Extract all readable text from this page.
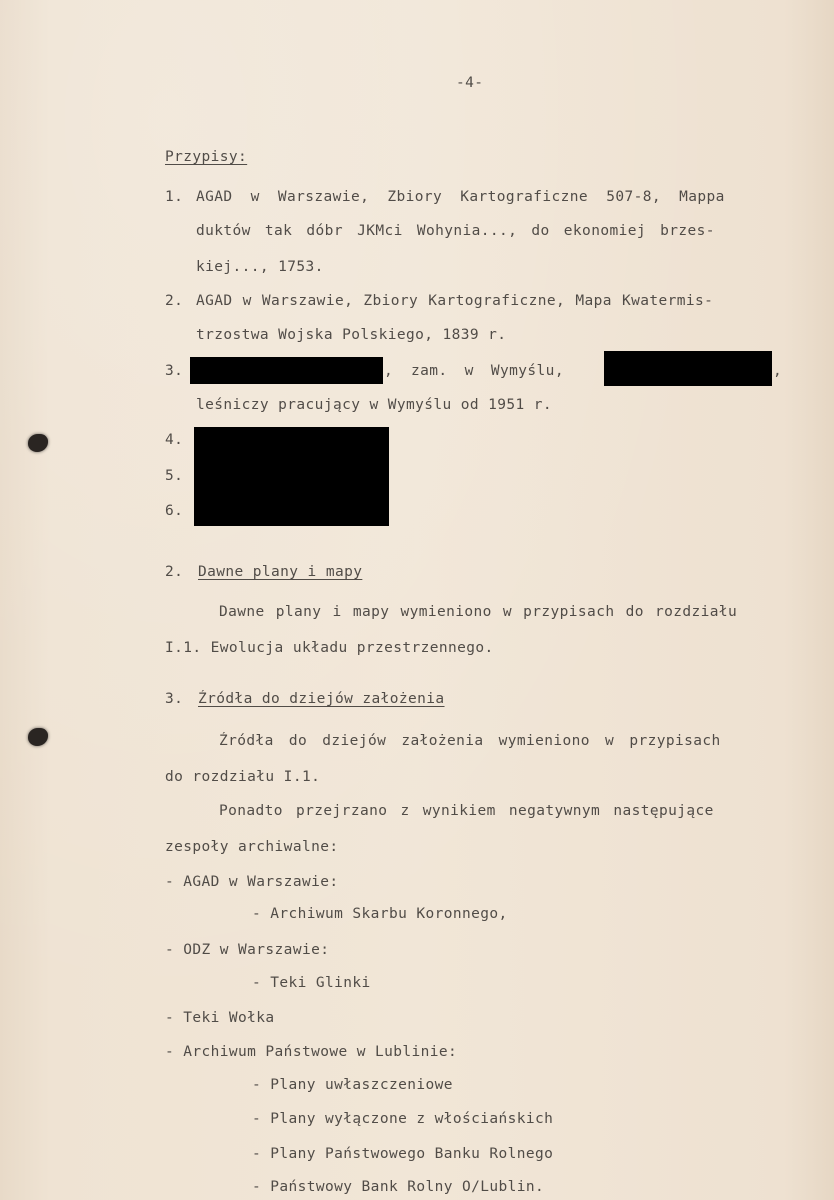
-4-
Przypisy:
1. AGAD w Warszawie, Zbiory Kartograficzne 507-8, Mappa
duktów tak dóbr JKMci Wohynia..., do ekonomiej brzes-
kiej..., 1753.
2. AGAD w Warszawie, Zbiory Kartograficzne, Mapa Kwatermis-
trzostwa Wojska Polskiego, 1839 r.
3.	, zam. w Wymyślu,	,
leśniczy pracujący w Wymyślu od 1951 r.
4.
5.
6.
2. Dawne plany i mapy
Dawne plany i mapy wymieniono w przypisach do rozdziału
I.1. Ewolucja układu przestrzennego.
3. Źródła do dziejów założenia
Źródła do dziejów założenia wymieniono w przypisach
do rozdziału I.1.
Ponadto przejrzano z wynikiem negatywnym następujące
zespoły archiwalne:
- AGAD w Warszawie:
- Archiwum Skarbu Koronnego,
- ODZ w Warszawie:
- Teki Glinki
- Teki Wołka
- Archiwum Państwowe w Lublinie:
- Plany uwłaszczeniowe
- Plany wyłączone z włościańskich
- Plany Państwowego Banku Rolnego
- Państwowy Bank Rolny O/Lublin.
